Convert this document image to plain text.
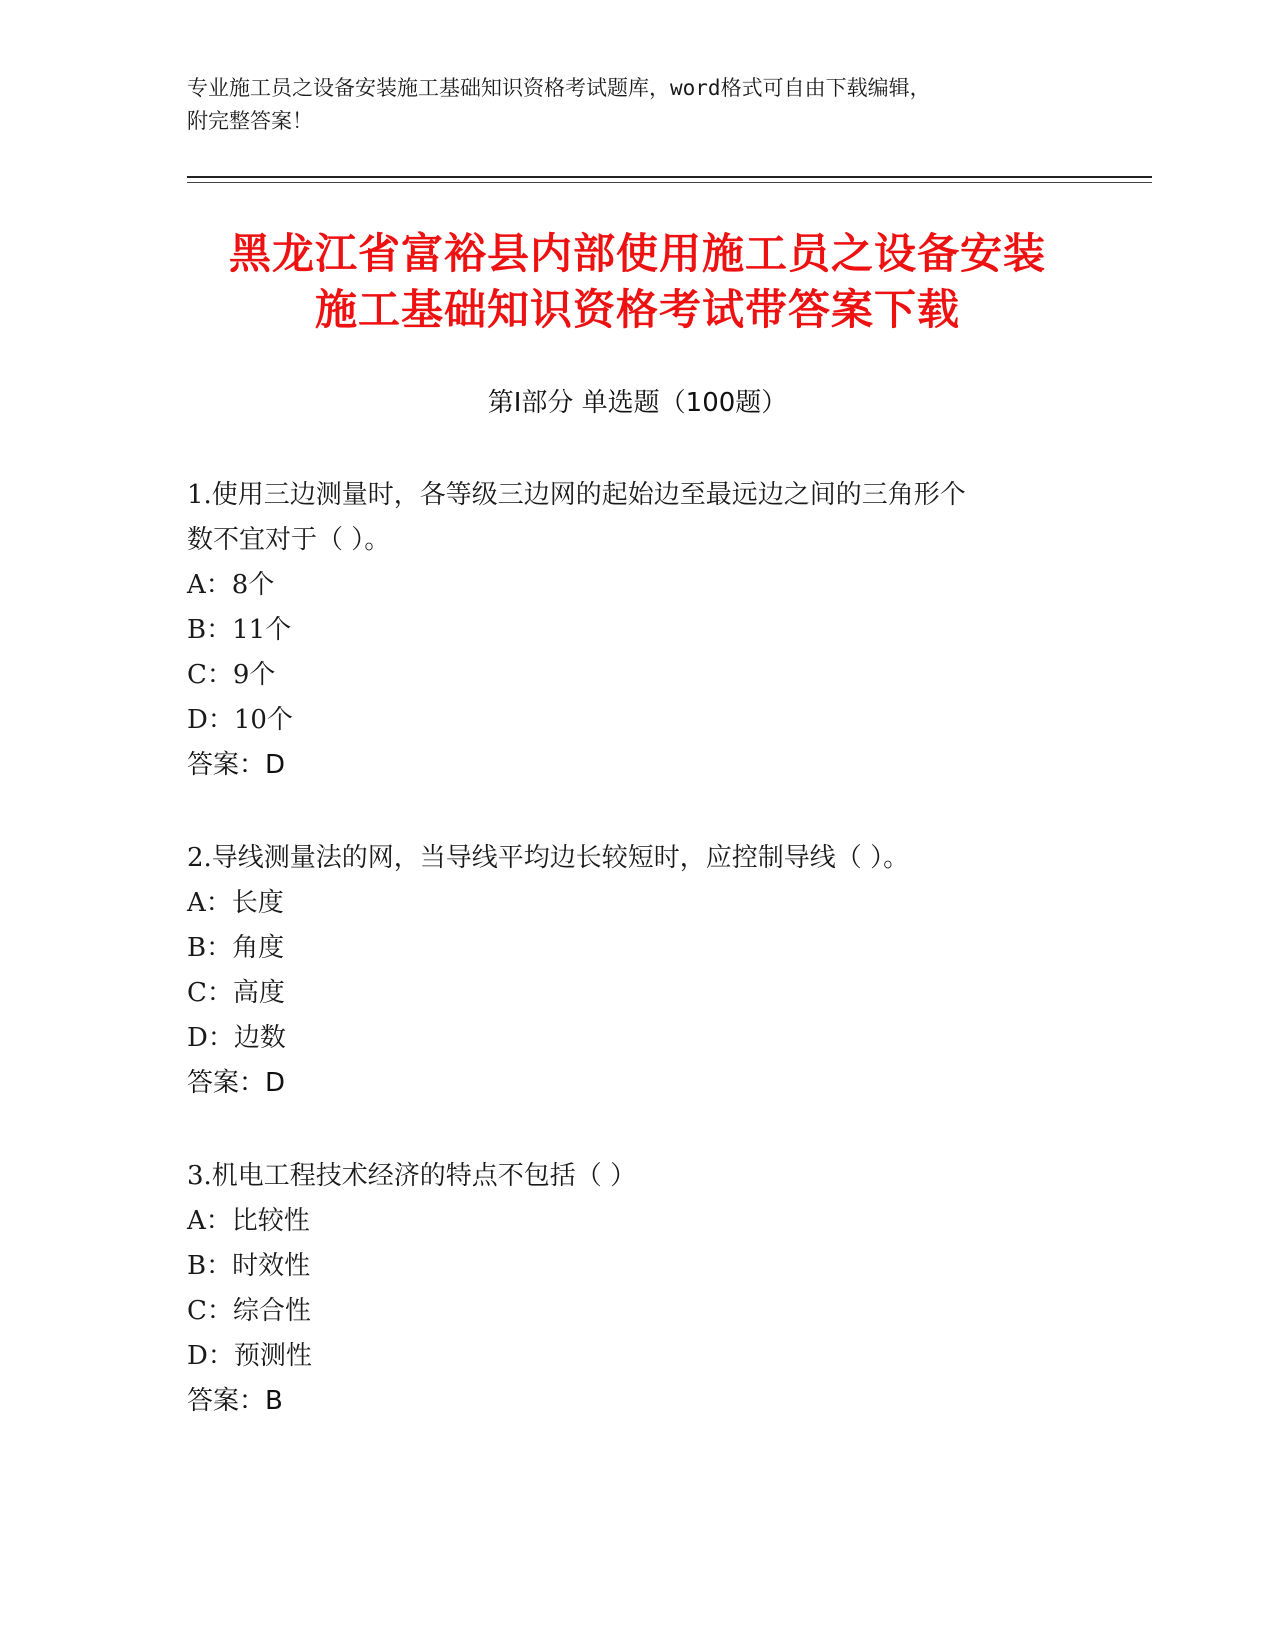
专业施工员之设备安装施工基础知识资格考试题库，word格式可自由下载编辑，
附完整答案！
黑龙江省富裕县内部使用施工员之设备安装
施工基础知识资格考试带答案下载
第Ⅰ部分 单选题（100题）

1.使用三边测量时，各等级三边网的起始边至最远边之间的三角形个

数不宜对于（ ）。

A：8个

B：11个

C：9个

D：10个

答案：D

2.导线测量法的网，当导线平均边长较短时，应控制导线（ ）。

A：长度

B：角度

C：高度

D：边数

答案：D

3.机电工程技术经济的特点不包括（ ）

A：比较性

B：时效性

C：综合性

D：预测性

答案：B
